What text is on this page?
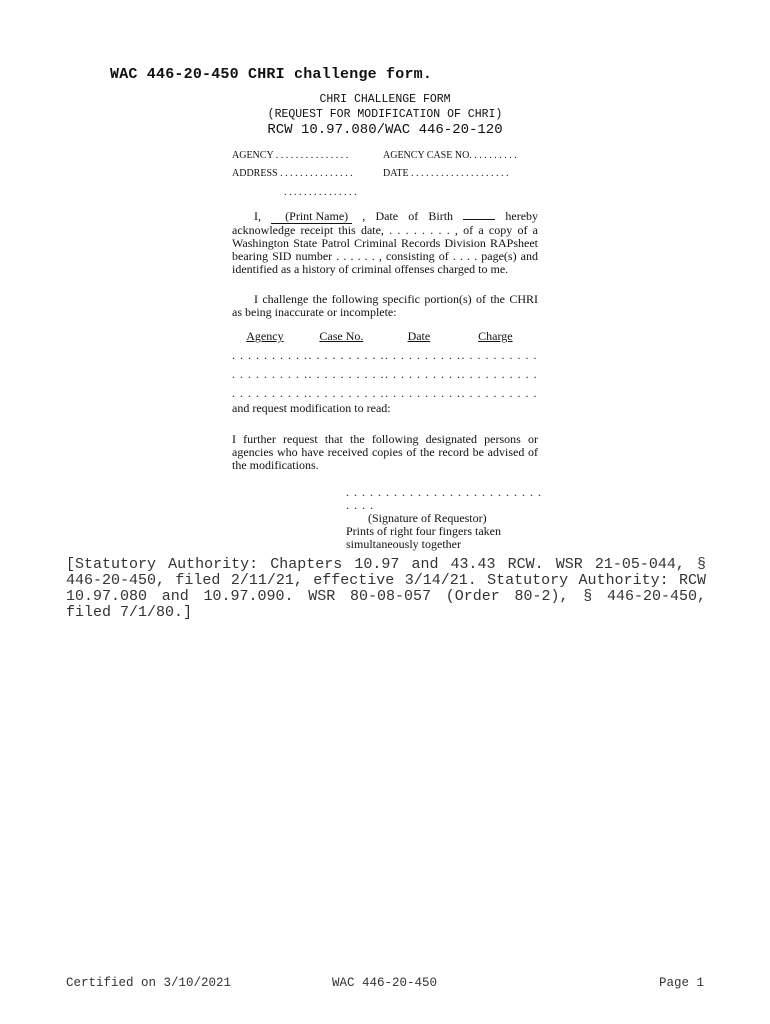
WAC 446-20-450 CHRI challenge form.
CHRI CHALLENGE FORM
(REQUEST FOR MODIFICATION OF CHRI)
RCW 10.97.080/WAC 446-20-120
AGENCY . . . . . . . . . . . . . . .	AGENCY CASE NO. . . . . . . . . .
ADDRESS . . . . . . . . . . . . . . .	DATE . . . . . . . . . . . . . . . . . . . .
. . . . . . . . . . . . . . .
I, (Print Name) , Date of Birth	hereby acknowledge receipt this date, . . . . . . . . , of a copy of a Washington State Patrol Criminal Records Division RAPsheet bearing SID number . . . . . . , consisting of . . . . page(s) and identified as a history of criminal offenses charged to me.
I challenge the following specific portion(s) of the CHRI as being inaccurate or incomplete:
Agency	Case No.	Date	Charge
. . . . . . . . . . . . . . . . . . . . . . . . . . . . . . . . . . . . . . . .
. . . . . . . . . . . . . . . . . . . . . . . . . . . . . . . . . . . . . . . .
. . . . . . . . . . . . . . . . . . . . . . . . . . . . . . . . . . . . . . . .
and request modification to read:
I further request that the following designated persons or agencies who have received copies of the record be advised of the modifications.
. . . . . . . . . . . . . . . . . . . . . . . . . . . . .
(Signature of Requestor)
Prints of right four fingers taken
simultaneously together
[Statutory Authority: Chapters 10.97 and 43.43 RCW. WSR 21-05-044, § 446-20-450, filed 2/11/21, effective 3/14/21. Statutory Authority: RCW 10.97.080 and 10.97.090. WSR 80-08-057 (Order 80-2), § 446-20-450, filed 7/1/80.]
Certified on 3/10/2021	WAC 446-20-450	Page 1
